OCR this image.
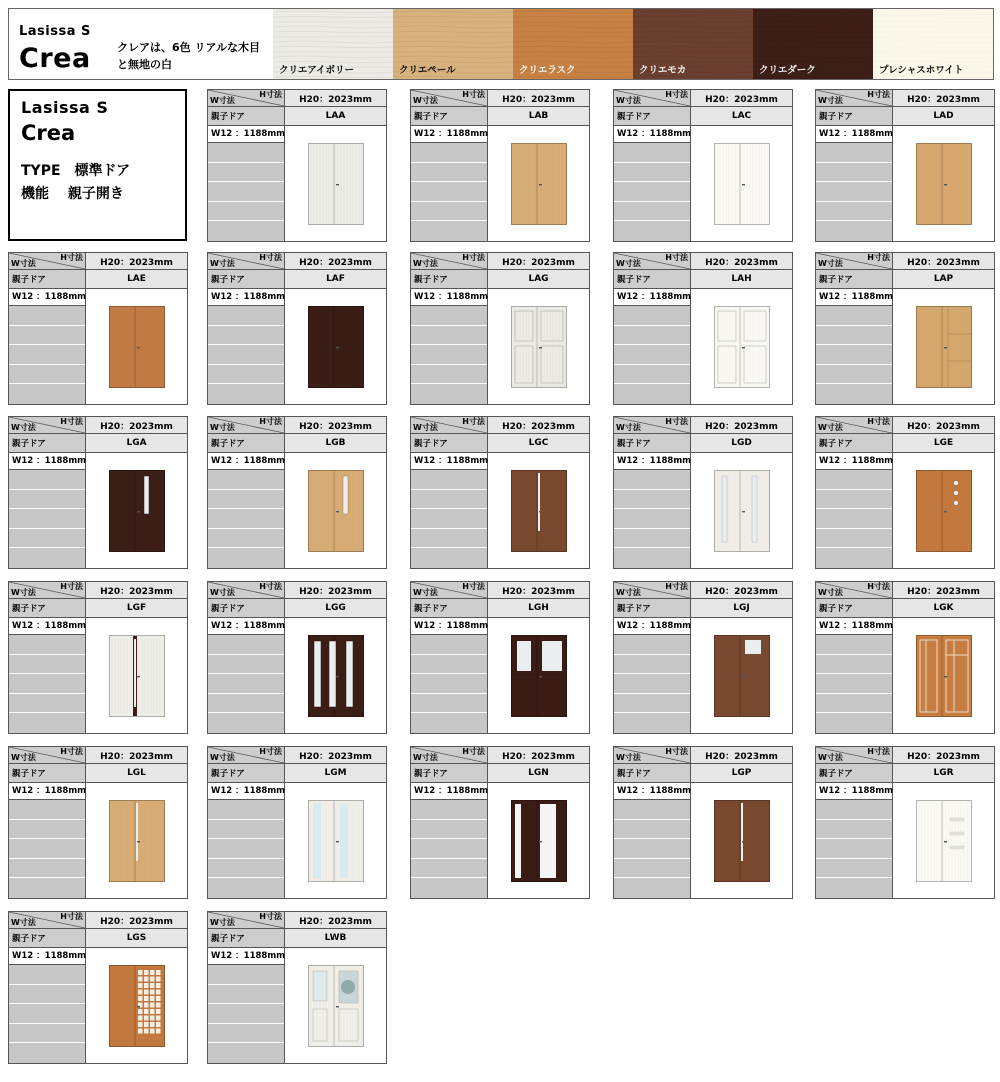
Lasissa S
Crea クレアは、6色 リアルな木目
と無地の白	クリエアイボリー	クリエペール	クリエラスク	クリエモカ	クリエダーク	プレシャスホワイト
Lasissa S
Crea
TYPE　標準ドア
機能　 親子開き
W寸法
H寸法	H20：2023mm
親子ドア	LAA
W12 ：1188mm
W寸法
H寸法	H20：2023mm
親子ドア	LAB
W12 ：1188mm
W寸法
H寸法	H20：2023mm
親子ドア	LAC
W12 ：1188mm
W寸法
H寸法	H20：2023mm
親子ドア	LAD
W12 ：1188mm
W寸法
H寸法	H20：2023mm
親子ドア	LAE
W12 ：1188mm
W寸法
H寸法	H20：2023mm
親子ドア	LAF
W12 ：1188mm
W寸法
H寸法	H20：2023mm
親子ドア	LAG
W12 ：1188mm
W寸法
H寸法	H20：2023mm
親子ドア	LAH
W12 ：1188mm
W寸法
H寸法	H20：2023mm
親子ドア	LAP
W12 ：1188mm
W寸法
H寸法	H20：2023mm
親子ドア	LGA
W12 ：1188mm
W寸法
H寸法	H20：2023mm
親子ドア	LGB
W12 ：1188mm
W寸法
H寸法	H20：2023mm
親子ドア	LGC
W12 ：1188mm
W寸法
H寸法	H20：2023mm
親子ドア	LGD
W12 ：1188mm
W寸法
H寸法	H20：2023mm
親子ドア	LGE
W12 ：1188mm
W寸法
H寸法	H20：2023mm
親子ドア	LGF
W12 ：1188mm
W寸法
H寸法	H20：2023mm
親子ドア	LGG
W12 ：1188mm
W寸法
H寸法	H20：2023mm
親子ドア	LGH
W12 ：1188mm
W寸法
H寸法	H20：2023mm
親子ドア	LGJ
W12 ：1188mm
W寸法
H寸法	H20：2023mm
親子ドア	LGK
W12 ：1188mm
W寸法
H寸法	H20：2023mm
親子ドア	LGL
W12 ：1188mm
W寸法
H寸法	H20：2023mm
親子ドア	LGM
W12 ：1188mm
W寸法
H寸法	H20：2023mm
親子ドア	LGN
W12 ：1188mm
W寸法
H寸法	H20：2023mm
親子ドア	LGP
W12 ：1188mm
W寸法
H寸法	H20：2023mm
親子ドア	LGR
W12 ：1188mm
W寸法
H寸法	H20：2023mm
親子ドア	LGS
W12 ：1188mm
W寸法
H寸法	H20：2023mm
親子ドア	LWB
W12 ：1188mm
